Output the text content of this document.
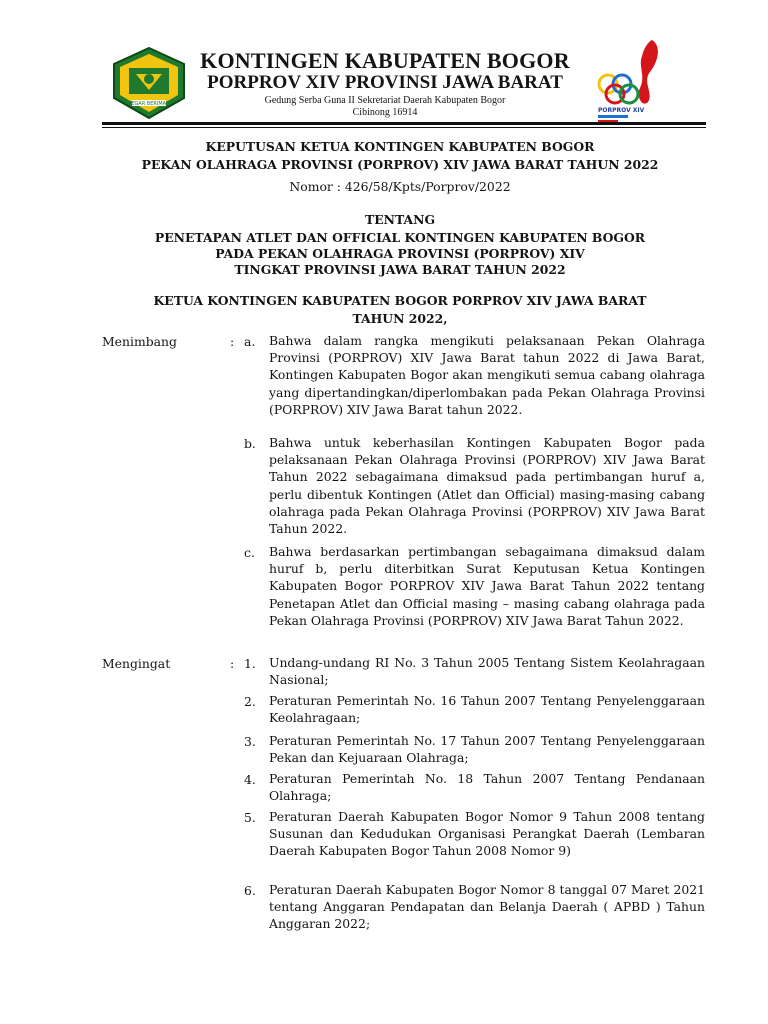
TEGAR BERIMAN
KONTINGEN KABUPATEN BOGOR
PORPROV XIV PROVINSI JAWA BARAT
Gedung Serba Guna II Sekretariat Daerah Kabupaten Bogor
Cibinong 16914	PORPROV XIV
KEPUTUSAN KETUA KONTINGEN KABUPATEN BOGOR
PEKAN OLAHRAGA PROVINSI (PORPROV) XIV JAWA BARAT TAHUN 2022
Nomor : 426/58/Kpts/Porprov/2022
TENTANG
PENETAPAN ATLET DAN OFFICIAL KONTINGEN KABUPATEN BOGOR
PADA PEKAN OLAHRAGA PROVINSI (PORPROV) XIV
TINGKAT PROVINSI JAWA BARAT TAHUN 2022
KETUA KONTINGEN KABUPATEN BOGOR PORPROV XIV JAWA BARAT
TAHUN 2022,
Menimbang	: a.	Bahwa dalam rangka mengikuti pelaksanaan Pekan Olahraga Provinsi (PORPROV) XIV Jawa Barat tahun 2022 di Jawa Barat, Kontingen Kabupaten Bogor akan mengikuti semua cabang olahraga yang dipertandingkan/diperlombakan pada Pekan Olahraga Provinsi (PORPROV) XIV Jawa Barat tahun 2022.

b.	Bahwa untuk keberhasilan Kontingen Kabupaten Bogor pada pelaksanaan Pekan Olahraga Provinsi (PORPROV) XIV Jawa Barat Tahun 2022 sebagaimana dimaksud pada pertimbangan huruf a, perlu dibentuk Kontingen (Atlet dan Official) masing-masing cabang olahraga pada Pekan Olahraga Provinsi (PORPROV) XIV Jawa Barat Tahun 2022.

c.	Bahwa berdasarkan pertimbangan sebagaimana dimaksud dalam huruf b, perlu diterbitkan Surat Keputusan Ketua Kontingen Kabupaten Bogor PORPROV XIV Jawa Barat Tahun 2022 tentang Penetapan Atlet dan Official masing – masing cabang olahraga pada Pekan Olahraga Provinsi (PORPROV) XIV Jawa Barat Tahun 2022.

Mengingat	: 1.	Undang-undang RI No. 3 Tahun 2005 Tentang Sistem Keolahragaan Nasional;

2.	Peraturan Pemerintah No. 16 Tahun 2007 Tentang Penyelenggaraan Keolahragaan;

3.	Peraturan Pemerintah No. 17 Tahun 2007 Tentang Penyelenggaraan Pekan dan Kejuaraan Olahraga;

4.	Peraturan Pemerintah No. 18 Tahun 2007 Tentang Pendanaan Olahraga;

5.	Peraturan Daerah Kabupaten Bogor Nomor 9 Tahun 2008 tentang Susunan dan Kedudukan Organisasi Perangkat Daerah (Lembaran Daerah Kabupaten Bogor Tahun 2008 Nomor 9)

6.	Peraturan Daerah Kabupaten Bogor Nomor 8 tanggal 07 Maret 2021 tentang Anggaran Pendapatan dan Belanja Daerah ( APBD ) Tahun Anggaran 2022;
